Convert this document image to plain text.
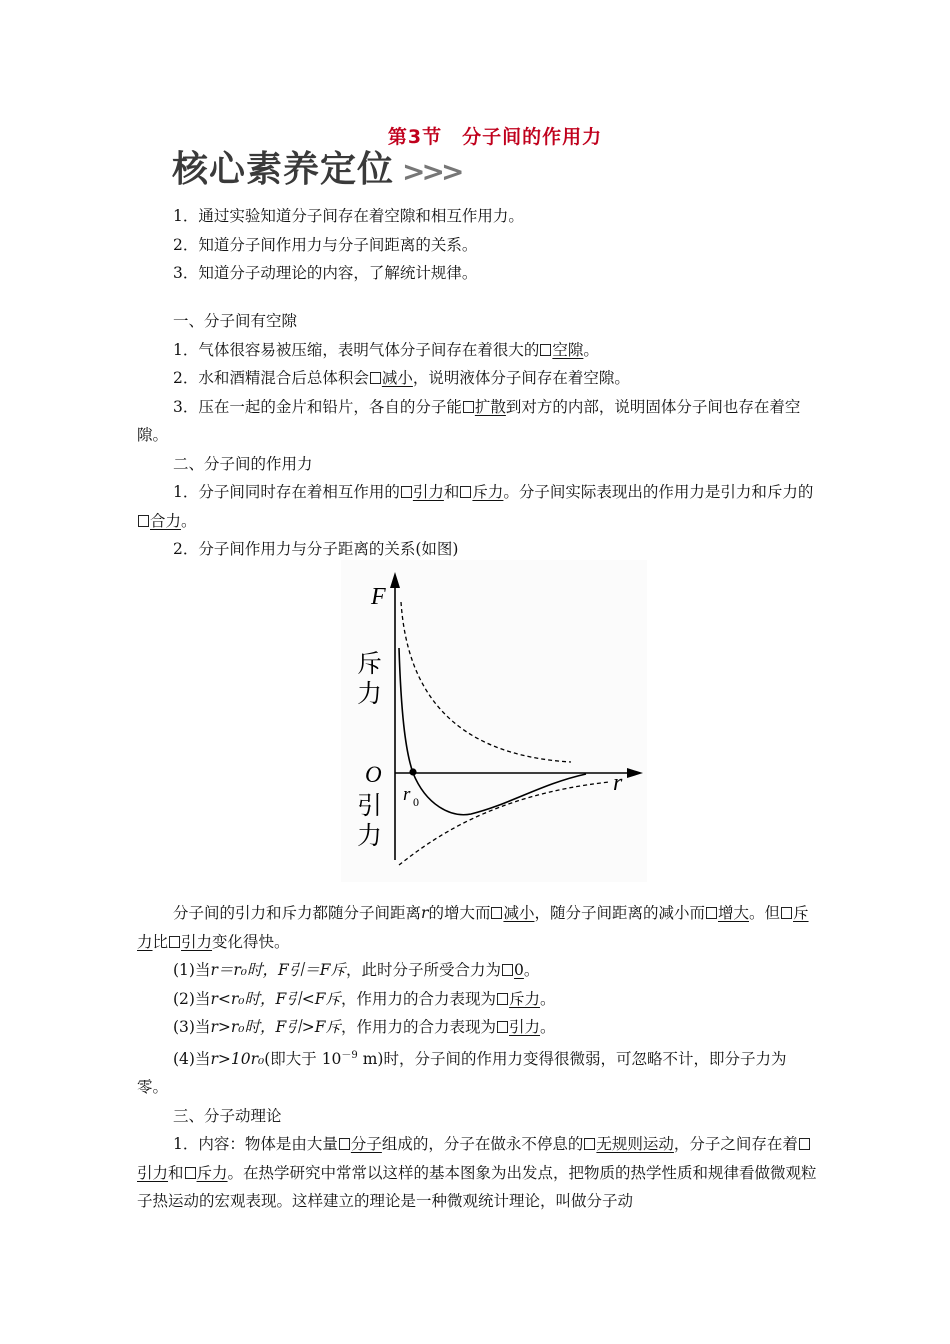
第3节　分子间的作用力
核心素养定位 >>>

1．通过实验知道分子间存在着空隙和相互作用力。

2．知道分子间作用力与分子间距离的关系。

3．知道分子动理论的内容，了解统计规律。

一、分子间有空隙

1．气体很容易被压缩，表明气体分子间存在着很大的 空隙。

2．水和酒精混合后总体积会 减小，说明液体分子间存在着空隙。

3．压在一起的金片和铅片，各自的分子能 扩散到对方的内部，说明固体分子间也存在着空隙。

二、分子间的作用力

1．分子间同时存在着相互作用的 引力和 斥力。分子间实际表现出的作用力是引力和斥力的合力。

2．分子间作用力与分子距离的关系(如图)

F
r
O
r 0
斥
力
引
力

分子间的引力和斥力都随分子间距离r的增大而 减小，随分子间距离的减小而 增大。但 斥力比 引力变化得快。

(1)当r＝r₀时，F引＝F斥，此时分子所受合力为 0。

(2)当r<r₀时，F引<F斥，作用力的合力表现为 斥力。

(3)当r>r₀时，F引>F斥，作用力的合力表现为 引力。

(4)当r>10r₀(即大于 $10^{-9}$ m)时，分子间的作用力变得很微弱，可忽略不计，即分子力为零。

三、分子动理论

1．内容：物体是由大量 分子组成的，分子在做永不停息的 无规则运动，分子之间存在着引力和 斥力。在热学研究中常常以这样的基本图象为出发点，把物质的热学性质和规律看做微观粒子热运动的宏观表现。这样建立的理论是一种微观统计理论，叫做分子动
